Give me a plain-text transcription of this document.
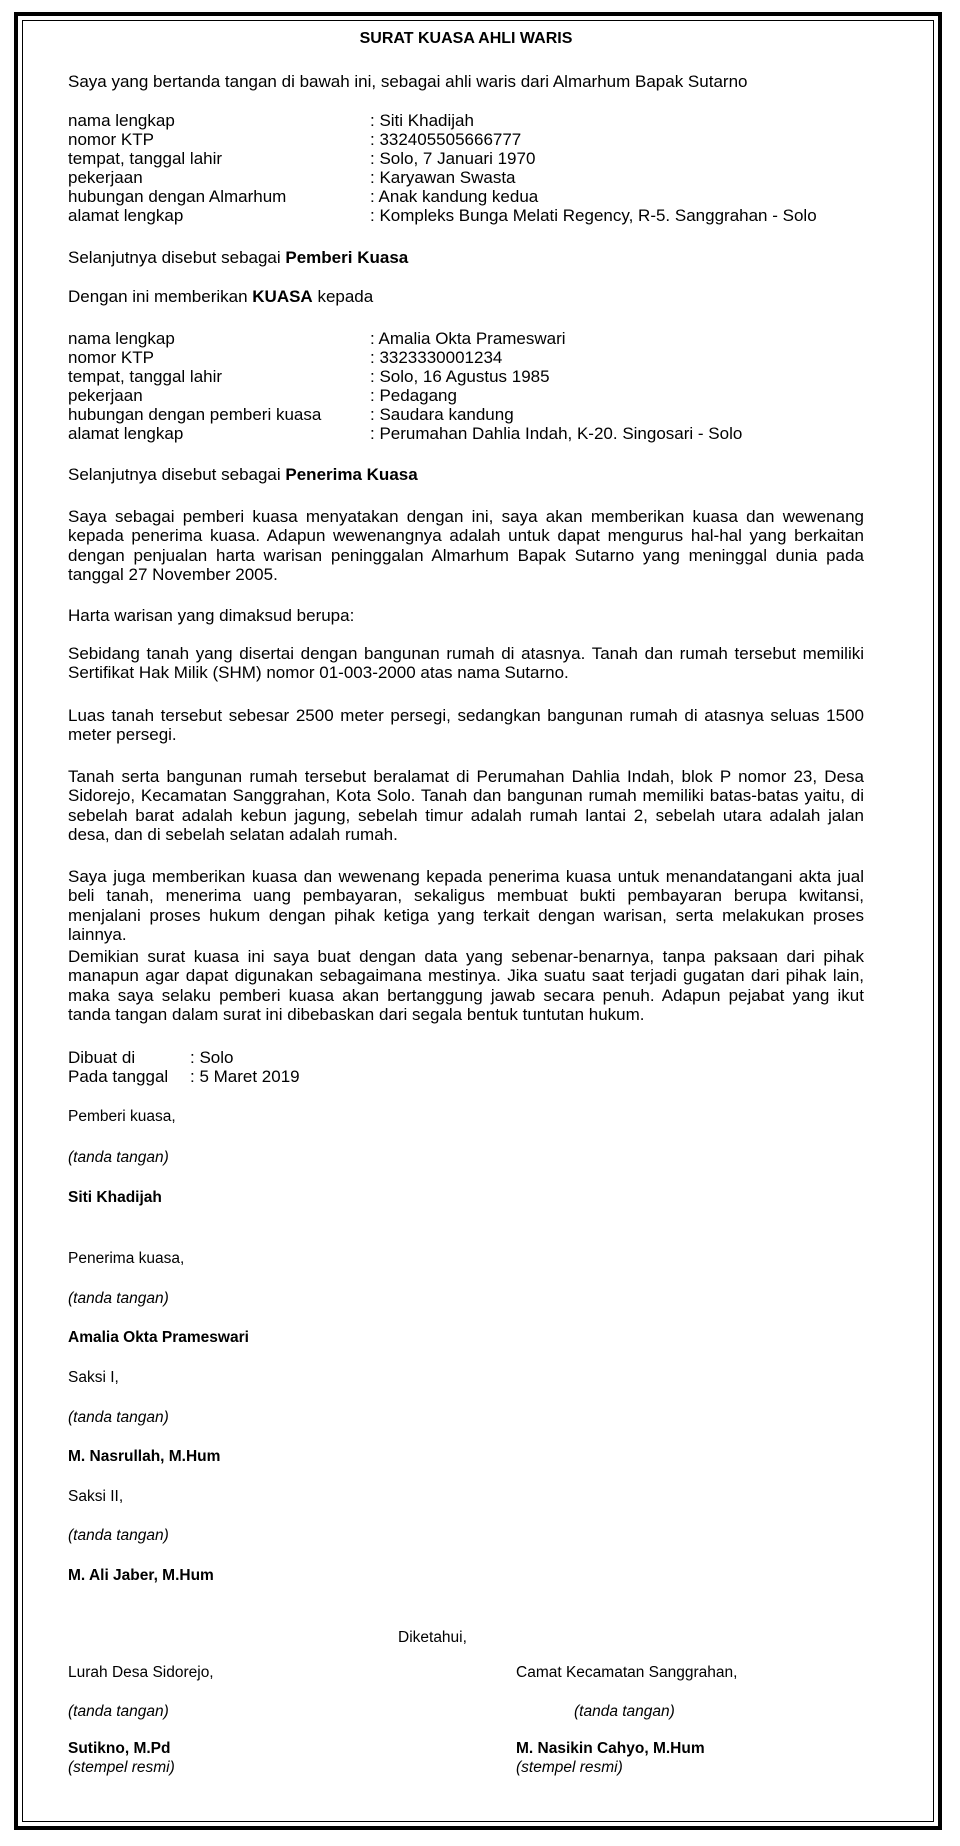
SURAT KUASA AHLI WARIS
Saya yang bertanda tangan di bawah ini, sebagai ahli waris dari Almarhum Bapak Sutarno
nama lengkap	: Siti Khadijah
nomor KTP	: 332405505666777
tempat, tanggal lahir	: Solo, 7 Januari 1970
pekerjaan	: Karyawan Swasta
hubungan dengan Almarhum	: Anak kandung kedua
alamat lengkap	: Kompleks Bunga Melati Regency, R-5. Sanggrahan - Solo
Selanjutnya disebut sebagai Pemberi Kuasa
Dengan ini memberikan KUASA kepada
nama lengkap	: Amalia Okta Prameswari
nomor KTP	: 3323330001234
tempat, tanggal lahir	: Solo, 16 Agustus 1985
pekerjaan	: Pedagang
hubungan dengan pemberi kuasa	: Saudara kandung
alamat lengkap	: Perumahan Dahlia Indah, K-20. Singosari - Solo
Selanjutnya disebut sebagai Penerima Kuasa
Saya sebagai pemberi kuasa menyatakan dengan ini, saya akan memberikan kuasa dan wewenang kepada penerima kuasa. Adapun wewenangnya adalah untuk dapat mengurus hal-hal yang berkaitan dengan penjualan harta warisan peninggalan Almarhum Bapak Sutarno yang meninggal dunia pada tanggal 27 November 2005.
Harta warisan yang dimaksud berupa:
Sebidang tanah yang disertai dengan bangunan rumah di atasnya. Tanah dan rumah tersebut memiliki Sertifikat Hak Milik (SHM) nomor 01-003-2000 atas nama Sutarno.
Luas tanah tersebut sebesar 2500 meter persegi, sedangkan bangunan rumah di atasnya seluas 1500 meter persegi.
Tanah serta bangunan rumah tersebut beralamat di Perumahan Dahlia Indah, blok P nomor 23, Desa Sidorejo, Kecamatan Sanggrahan, Kota Solo. Tanah dan bangunan rumah memiliki batas-batas yaitu, di sebelah barat adalah kebun jagung, sebelah timur adalah rumah lantai 2, sebelah utara adalah jalan desa, dan di sebelah selatan adalah rumah.
Saya juga memberikan kuasa dan wewenang kepada penerima kuasa untuk menandatangani akta jual beli tanah, menerima uang pembayaran, sekaligus membuat bukti pembayaran berupa kwitansi, menjalani proses hukum dengan pihak ketiga yang terkait dengan warisan, serta melakukan proses lainnya.
Demikian surat kuasa ini saya buat dengan data yang sebenar-benarnya, tanpa paksaan dari pihak manapun agar dapat digunakan sebagaimana mestinya. Jika suatu saat terjadi gugatan dari pihak lain, maka saya selaku pemberi kuasa akan bertanggung jawab secara penuh. Adapun pejabat yang ikut tanda tangan dalam surat ini dibebaskan dari segala bentuk tuntutan hukum.
Dibuat di	: Solo
Pada tanggal : 5 Maret 2019
Pemberi kuasa,
(tanda tangan)
Siti Khadijah
Penerima kuasa,
(tanda tangan)
Amalia Okta Prameswari
Saksi I,
(tanda tangan)
M. Nasrullah, M.Hum
Saksi II,
(tanda tangan)
M. Ali Jaber, M.Hum
Diketahui,
Lurah Desa Sidorejo,
(tanda tangan)
Sutikno, M.Pd
(stempel resmi)
Camat Kecamatan Sanggrahan,
(tanda tangan)
M. Nasikin Cahyo, M.Hum
(stempel resmi)
